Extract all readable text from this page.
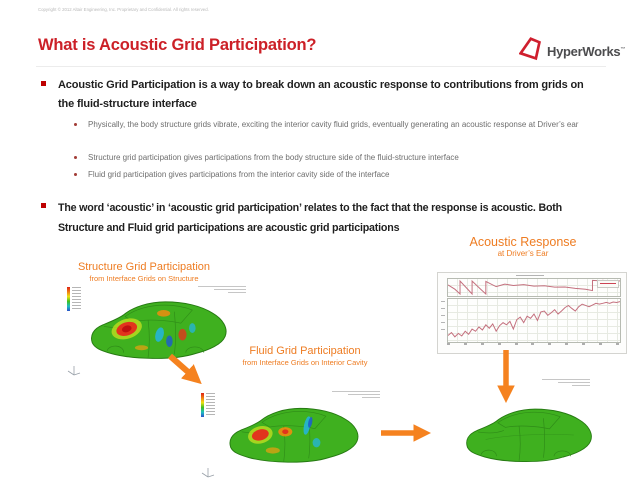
Copyright © 2012 Altair Engineering, Inc. Proprietary and Confidential. All rights reserved.
What is Acoustic Grid Participation?	HyperWorks™
Acoustic Grid Participation is a way to break down an acoustic response to contributions from grids on the fluid-structure interface
Physically, the body structure grids vibrate, exciting the interior cavity fluid grids, eventually generating an acoustic response at Driver’s ear
Structure grid participation gives participations from the body structure side of the fluid-structure interface
Fluid grid participation gives participations from the interior cavity side of the interface
The word ‘acoustic’ in ‘acoustic grid participation’ relates to the fact that the response is acoustic. Both Structure and Fluid grid participations are acoustic grid participations
Structure Grid Participation
from Interface Grids on Structure
Acoustic Response
at Driver’s Ear
Fluid Grid Participation
from Interface Grids on Interior Cavity
